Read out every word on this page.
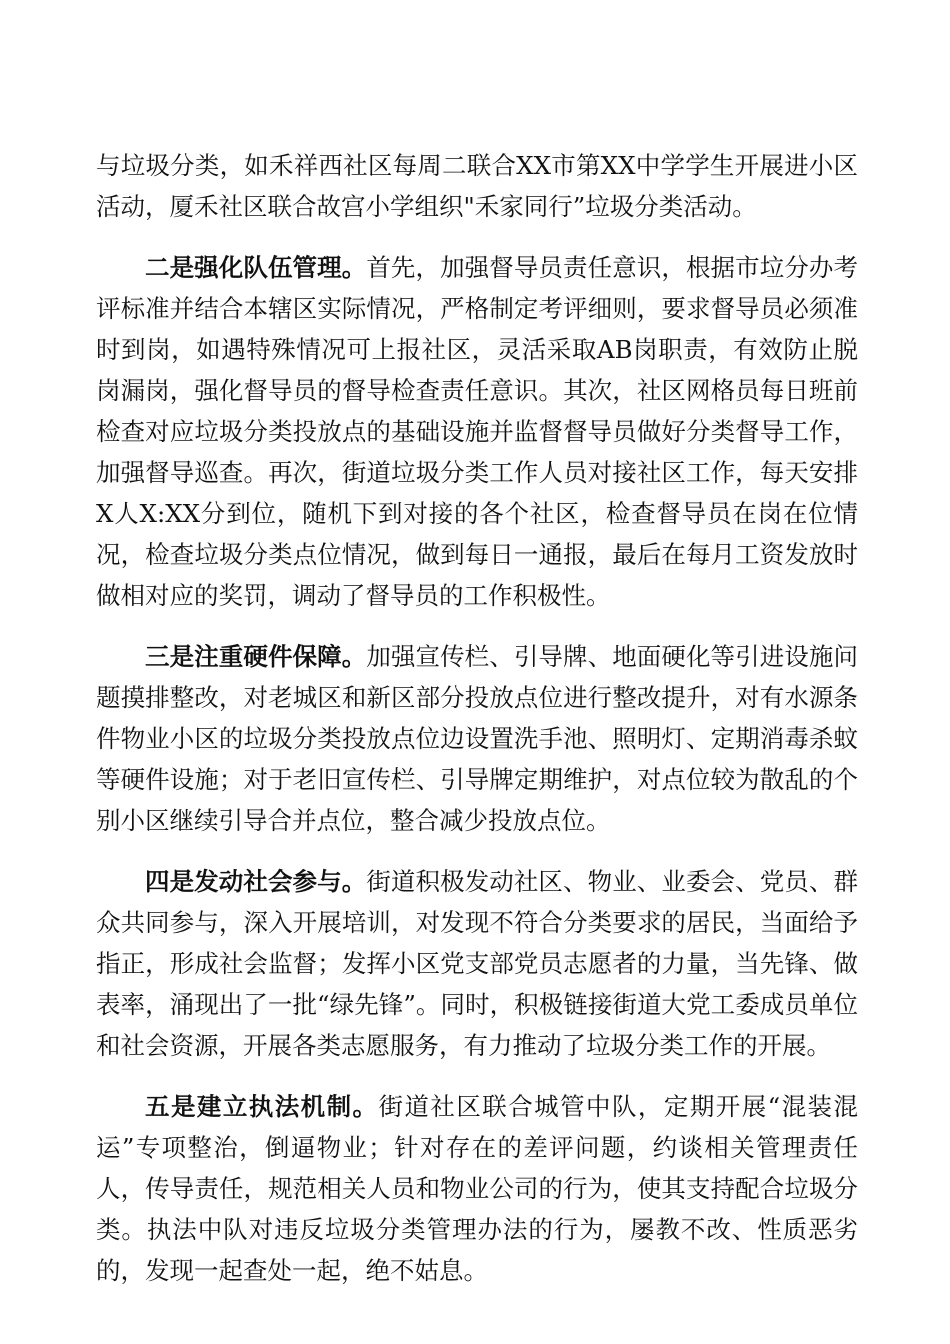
与垃圾分类，如禾祥西社区每周二联合XX市第XX中学学生开展进小区活动，厦禾社区联合故宫小学组织"禾家同行”垃圾分类活动。

二是强化队伍管理。首先，加强督导员责任意识，根据市垃分办考评标准并结合本辖区实际情况，严格制定考评细则，要求督导员必须准时到岗，如遇特殊情况可上报社区，灵活采取AB岗职责，有效防止脱岗漏岗，强化督导员的督导检查责任意识。其次，社区网格员每日班前检查对应垃圾分类投放点的基础设施并监督督导员做好分类督导工作，加强督导巡查。再次，街道垃圾分类工作人员对接社区工作，每天安排X人X:XX分到位，随机下到对接的各个社区，检查督导员在岗在位情况，检查垃圾分类点位情况，做到每日一通报，最后在每月工资发放时做相对应的奖罚，调动了督导员的工作积极性。

三是注重硬件保障。加强宣传栏、引导牌、地面硬化等引进设施问题摸排整改，对老城区和新区部分投放点位进行整改提升，对有水源条件物业小区的垃圾分类投放点位边设置洗手池、照明灯、定期消毒杀蚊等硬件设施；对于老旧宣传栏、引导牌定期维护，对点位较为散乱的个别小区继续引导合并点位，整合减少投放点位。

四是发动社会参与。街道积极发动社区、物业、业委会、党员、群众共同参与，深入开展培训，对发现不符合分类要求的居民，当面给予指正，形成社会监督；发挥小区党支部党员志愿者的力量，当先锋、做表率，涌现出了一批“绿先锋”。同时，积极链接街道大党工委成员单位和社会资源，开展各类志愿服务，有力推动了垃圾分类工作的开展。

五是建立执法机制。街道社区联合城管中队，定期开展“混装混运”专项整治，倒逼物业；针对存在的差评问题，约谈相关管理责任人，传导责任，规范相关人员和物业公司的行为，使其支持配合垃圾分类。执法中队对违反垃圾分类管理办法的行为，屡教不改、性质恶劣的，发现一起查处一起，绝不姑息。
